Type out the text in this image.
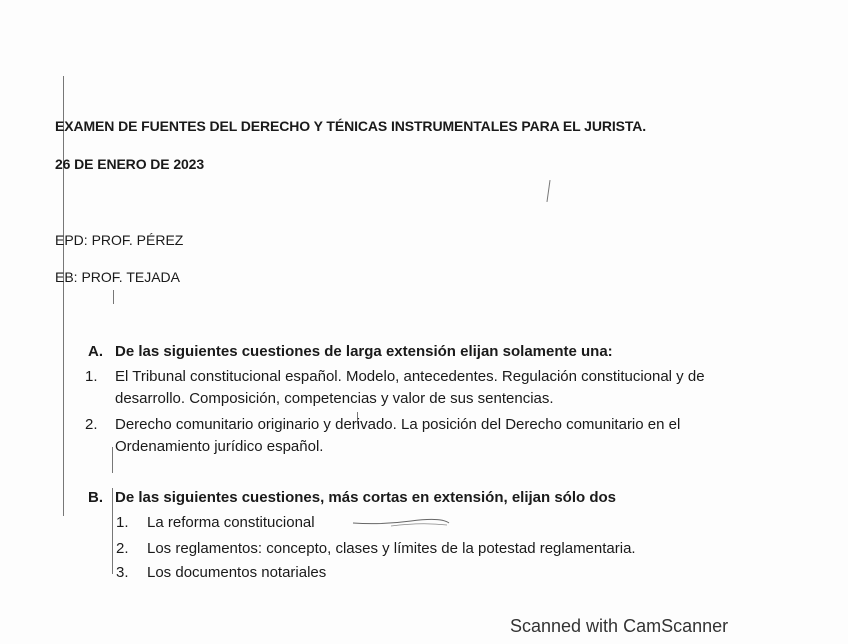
EXAMEN DE FUENTES DEL DERECHO Y TÉNICAS INSTRUMENTALES PARA EL JURISTA.
26 DE ENERO DE 2023
EPD: PROF. PÉREZ
EB: PROF. TEJADA
A. De las siguientes cuestiones de larga extensión elijan solamente una:
1.	El Tribunal constitucional español. Modelo, antecedentes. Regulación constitucional y de desarrollo. Composición, competencias y valor de sus sentencias.
2.	Derecho comunitario originario y derivado. La posición del Derecho comunitario en el Ordenamiento jurídico español.
B. De las siguientes cuestiones, más cortas en extensión, elijan sólo dos
1. La reforma constitucional
2. Los reglamentos: concepto, clases y límites de la potestad reglamentaria.
3. Los documentos notariales
Scanned with CamScanner
